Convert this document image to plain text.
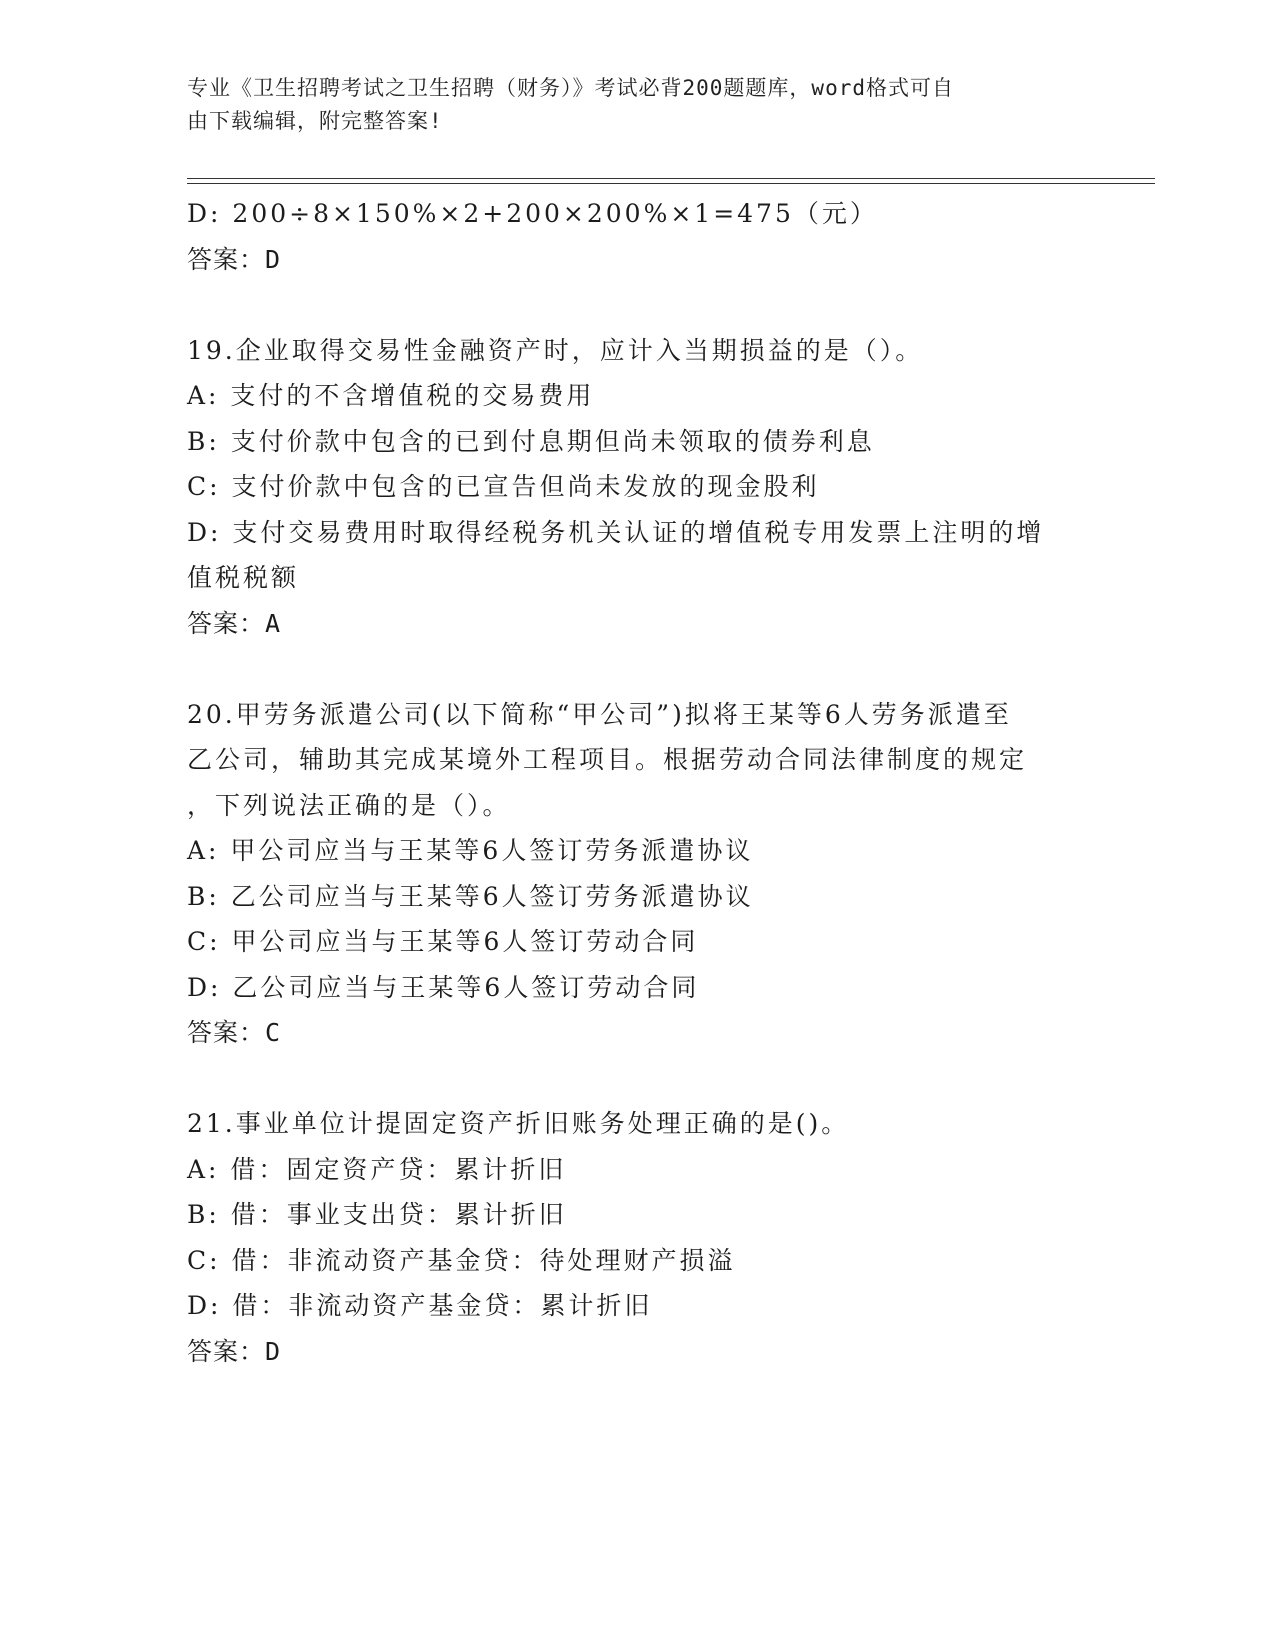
专业《卫生招聘考试之卫生招聘（财务）》考试必背200题题库，word格式可自
由下载编辑，附完整答案!
D: 200÷8×150%×2+200×200%×1=475（元）
答案：D
19.企业取得交易性金融资产时，应计入当期损益的是（）。
A: 支付的不含增值税的交易费用
B: 支付价款中包含的已到付息期但尚未领取的债券利息
C: 支付价款中包含的已宣告但尚未发放的现金股利
D: 支付交易费用时取得经税务机关认证的增值税专用发票上注明的增
值税税额
答案：A
20.甲劳务派遣公司(以下简称“甲公司”)拟将王某等6人劳务派遣至
乙公司，辅助其完成某境外工程项目。根据劳动合同法律制度的规定
，下列说法正确的是（）。
A: 甲公司应当与王某等6人签订劳务派遣协议
B: 乙公司应当与王某等6人签订劳务派遣协议
C: 甲公司应当与王某等6人签订劳动合同
D: 乙公司应当与王某等6人签订劳动合同
答案：C
21.事业单位计提固定资产折旧账务处理正确的是()。
A: 借：固定资产贷：累计折旧
B: 借：事业支出贷：累计折旧
C: 借：非流动资产基金贷：待处理财产损溢
D: 借：非流动资产基金贷：累计折旧
答案：D
